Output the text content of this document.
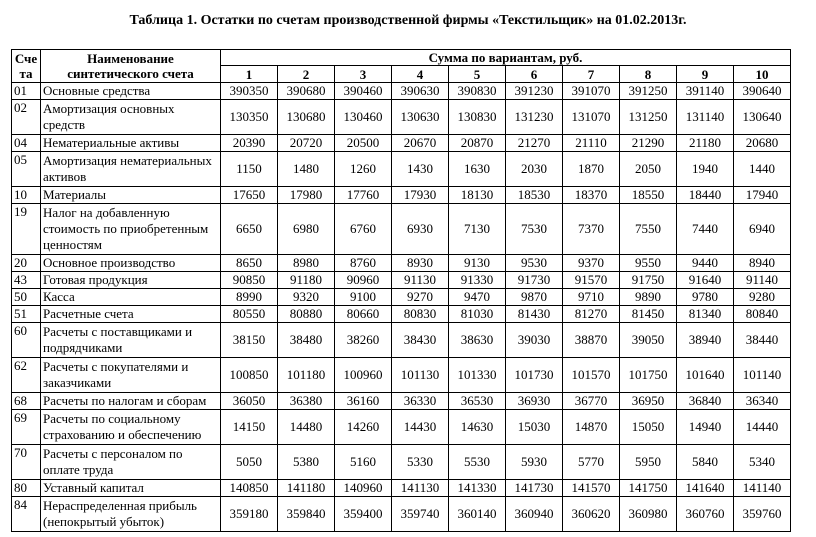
Таблица 1. Остатки по счетам производственной фирмы «Текстильщик» на 01.02.2013г.
Сче та	Наименование синтетического счета	Сумма по вариантам, руб.									
		1	2	3	4	5	6	7	8	9	10
01	Основные средства	390350	390680	390460	390630	390830	391230	391070	391250	391140	390640
02	Амортизация основных средств	130350	130680	130460	130630	130830	131230	131070	131250	131140	130640
04	Нематериальные активы	20390	20720	20500	20670	20870	21270	21110	21290	21180	20680
05	Амортизация нематериальных активов	1150	1480	1260	1430	1630	2030	1870	2050	1940	1440
10	Материалы	17650	17980	17760	17930	18130	18530	18370	18550	18440	17940
19	Налог на добавленную стоимость по приобретенным ценностям	6650	6980	6760	6930	7130	7530	7370	7550	7440	6940
20	Основное производство	8650	8980	8760	8930	9130	9530	9370	9550	9440	8940
43	Готовая продукция	90850	91180	90960	91130	91330	91730	91570	91750	91640	91140
50	Касса	8990	9320	9100	9270	9470	9870	9710	9890	9780	9280
51	Расчетные счета	80550	80880	80660	80830	81030	81430	81270	81450	81340	80840
60	Расчеты с поставщиками и подрядчиками	38150	38480	38260	38430	38630	39030	38870	39050	38940	38440
62	Расчеты с покупателями и заказчиками	100850	101180	100960	101130	101330	101730	101570	101750	101640	101140
68	Расчеты по налогам и сборам	36050	36380	36160	36330	36530	36930	36770	36950	36840	36340
69	Расчеты по социальному страхованию и обеспечению	14150	14480	14260	14430	14630	15030	14870	15050	14940	14440
70	Расчеты с персоналом по оплате труда	5050	5380	5160	5330	5530	5930	5770	5950	5840	5340
80	Уставный капитал	140850	141180	140960	141130	141330	141730	141570	141750	141640	141140
84	Нераспределенная прибыль (непокрытый убыток)	359180	359840	359400	359740	360140	360940	360620	360980	360760	359760
